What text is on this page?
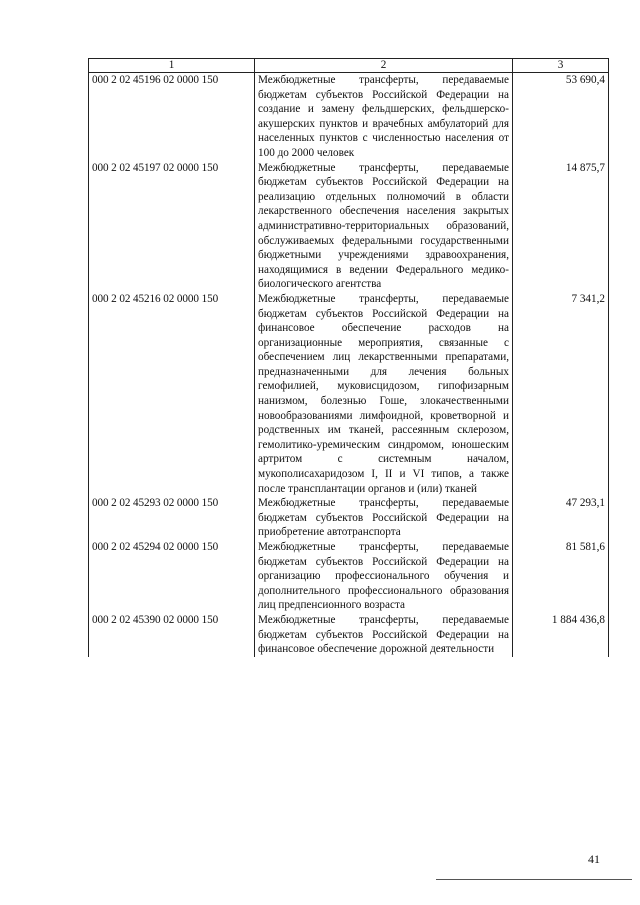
1	2	3
000 2 02 45196 02 0000 150	Межбюджетные трансферты, передаваемые бюджетам субъектов Российской Федерации на создание и замену фельдшерских, фельдшерско-акушерских пунктов и врачебных амбулаторий для населенных пунктов с численностью населения от 100 до 2000 человек	53 690,4
000 2 02 45197 02 0000 150	Межбюджетные трансферты, передаваемые бюджетам субъектов Российской Федерации на реализацию отдельных полномочий в области лекарственного обеспечения населения закрытых административно-территориальных образований, обслуживаемых федеральными государственными бюджетными учреждениями здравоохранения, находящимися в ведении Федерального медико-биологического агентства	14 875,7
000 2 02 45216 02 0000 150	Межбюджетные трансферты, передаваемые бюджетам субъектов Российской Федерации на финансовое обеспечение расходов на организационные мероприятия, связанные с обеспечением лиц лекарственными препаратами, предназначенными для лечения больных гемофилией, муковисцидозом, гипофизарным нанизмом, болезнью Гоше, злокачественными новообразованиями лимфоидной, кроветворной и родственных им тканей, рассеянным склерозом, гемолитико-уремическим синдромом, юношеским артритом с системным началом, мукополисахаридозом I, II и VI типов, а также после трансплантации органов и (или) тканей	7 341,2
000 2 02 45293 02 0000 150	Межбюджетные трансферты, передаваемые бюджетам субъектов Российской Федерации на приобретение автотранспорта	47 293,1
000 2 02 45294 02 0000 150	Межбюджетные трансферты, передаваемые бюджетам субъектов Российской Федерации на организацию профессионального обучения и дополнительного профессионального образования лиц предпенсионного возраста	81 581,6
000 2 02 45390 02 0000 150	Межбюджетные трансферты, передаваемые бюджетам субъектов Российской Федерации на финансовое обеспечение дорожной деятельности	1 884 436,8
41
